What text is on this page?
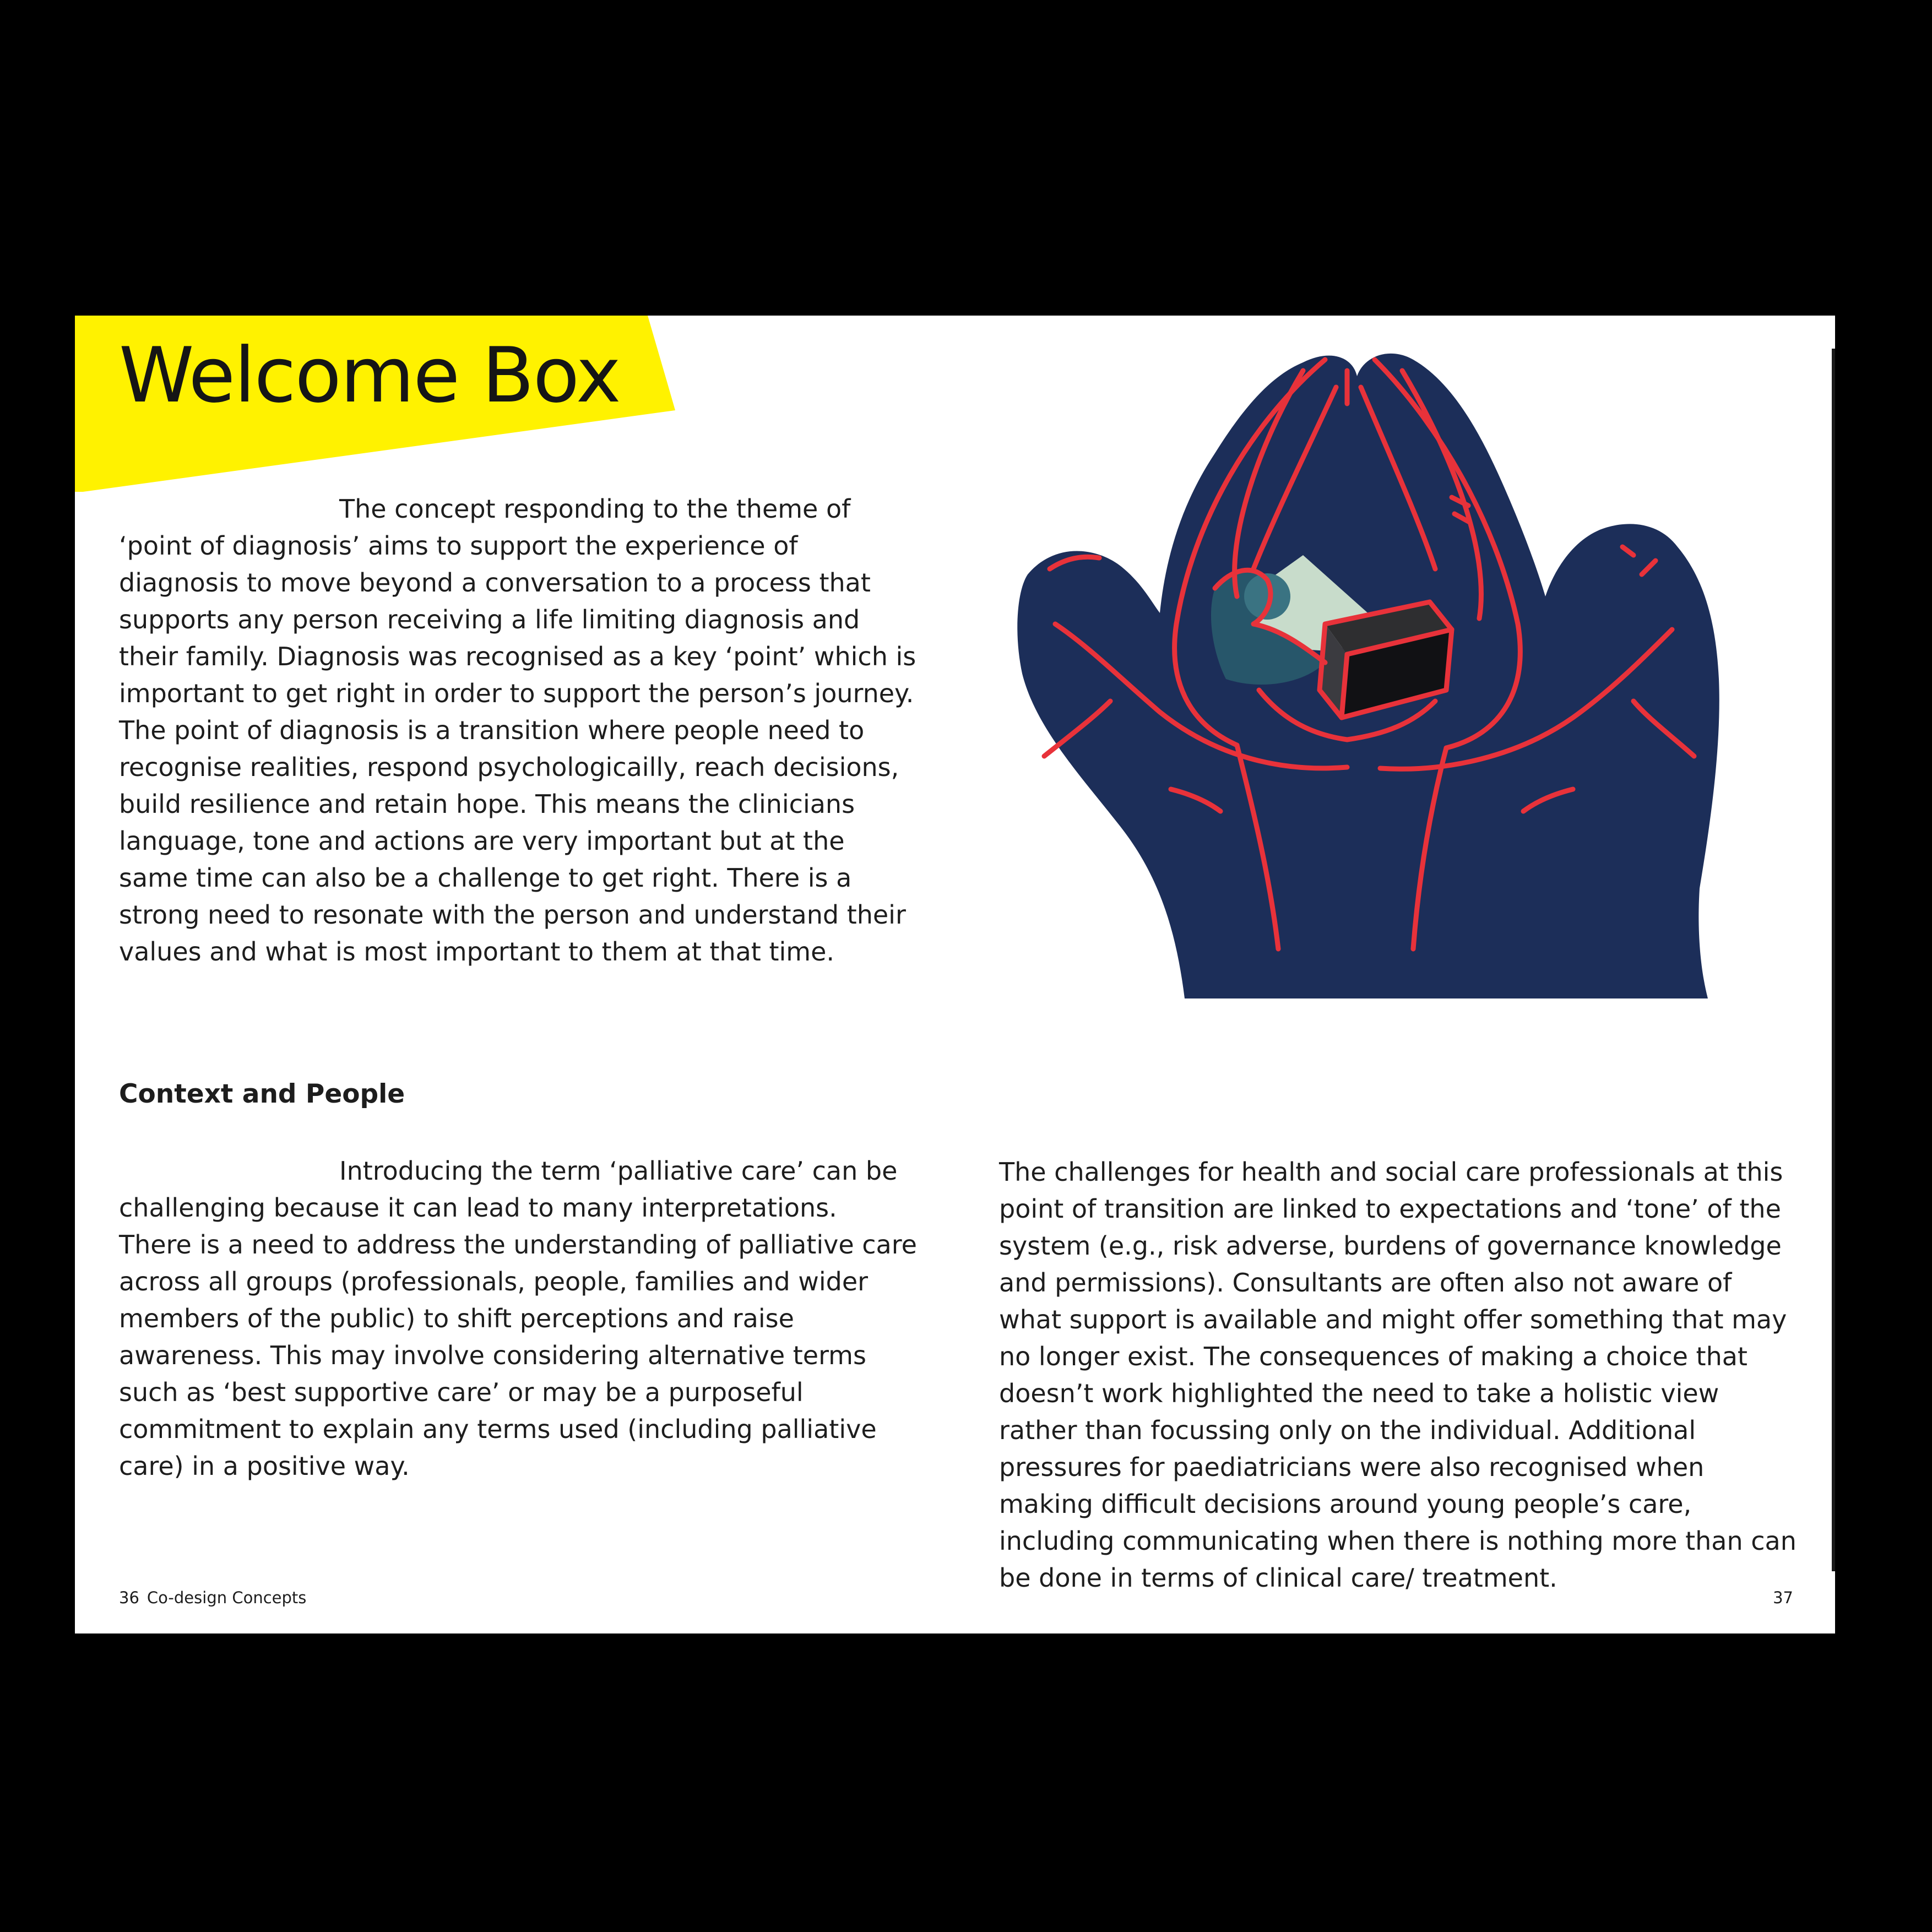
Welcome Box

The concept responding to the theme of ‘point of diagnosis’ aims to support the experience of diagnosis to move beyond a conversation to a process that supports any person receiving a life limiting diagnosis and their family. Diagnosis was recognised as a key ‘point’ which is important to get right in order to support the person’s journey. The point of diagnosis is a transition where people need to recognise realities, respond psychologicailly, reach decisions, build resilience and retain hope. This means the clinicians language, tone and actions are very important but at the same time can also be a challenge to get right. There is a strong need to resonate with the person and understand their values and what is most important to them at that time.

Context and People

Introducing the term ‘palliative care’ can be challenging because it can lead to many interpretations. There is a need to address the understanding of palliative care across all groups (professionals, people, families and wider members of the public) to shift perceptions and raise awareness. This may involve considering alternative terms such as ‘best supportive care’ or may be a purposeful commitment to explain any terms used (including palliative care) in a positive way.

The challenges for health and social care professionals at this point of transition are linked to expectations and ‘tone’ of the system (e.g., risk adverse, burdens of governance knowledge and permissions). Consultants are often also not aware of what support is available and might offer something that may no longer exist. The consequences of making a choice that doesn’t work highlighted the need to take a holistic view rather than focussing only on the individual. Additional pressures for paediatricians were also recognised when making difficult decisions around young people’s care, including communicating when there is nothing more than can be done in terms of clinical care/ treatment.

36 Co-design Concepts	37
